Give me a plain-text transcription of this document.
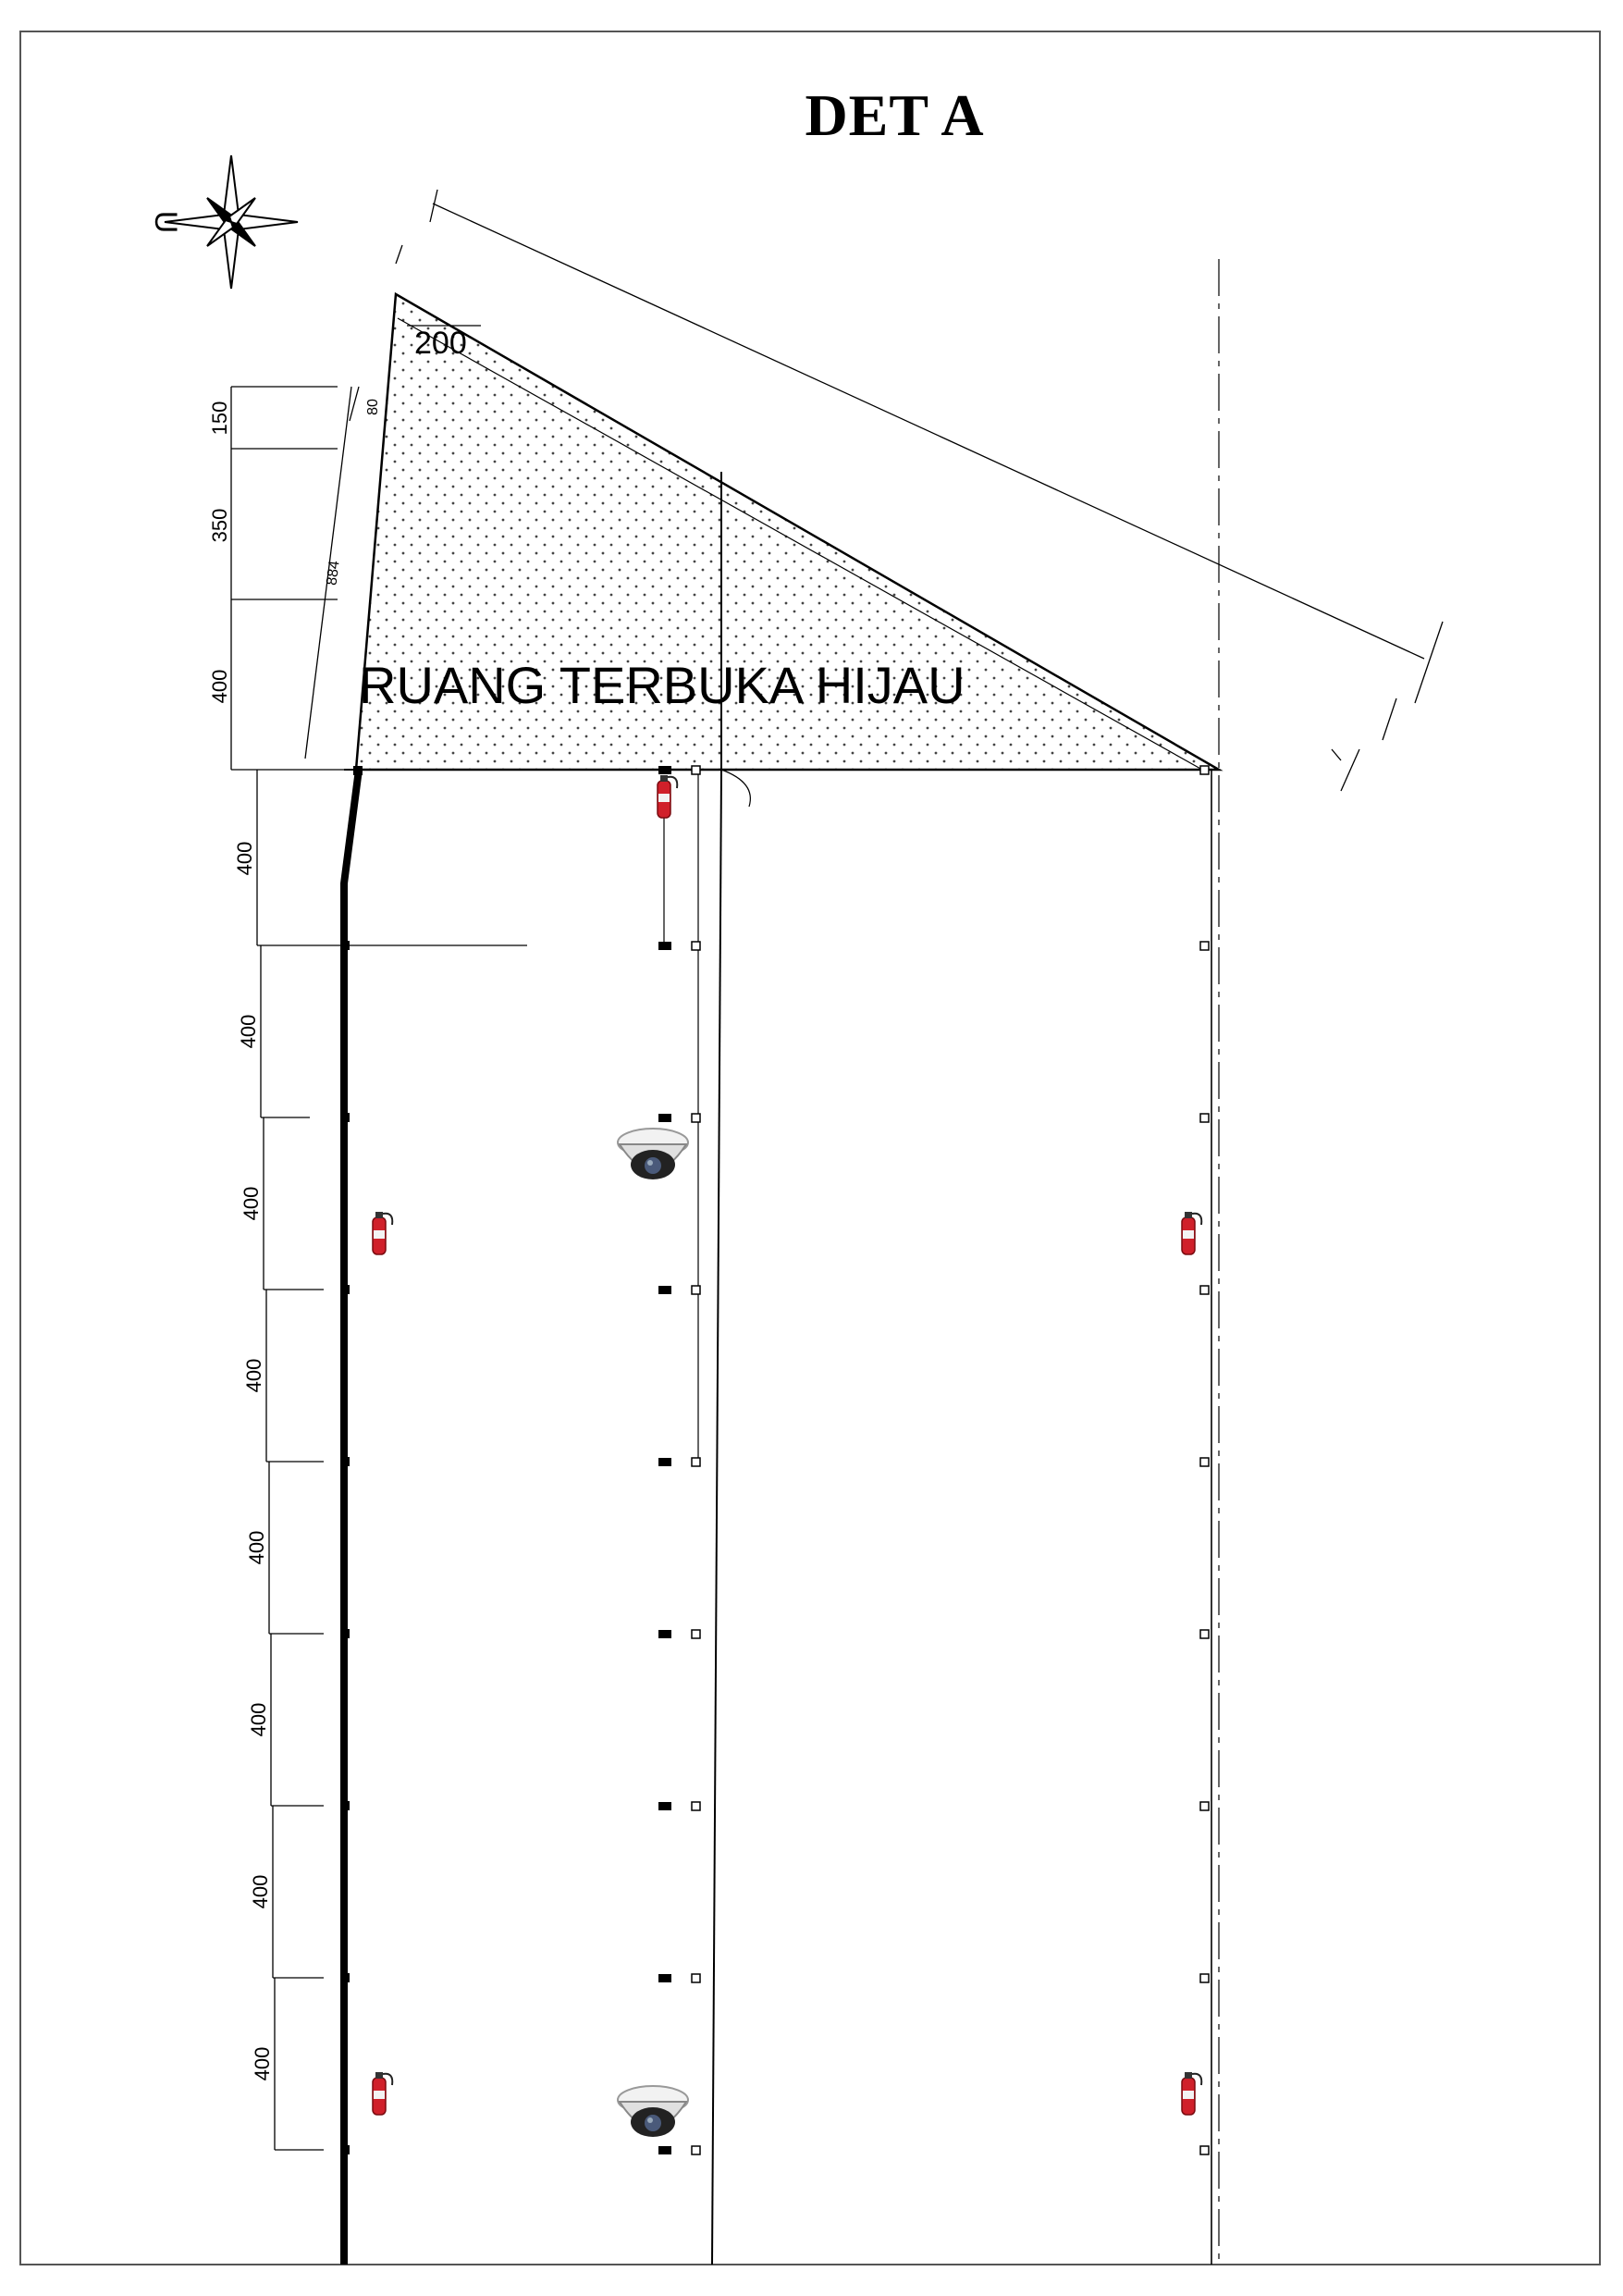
150
350
400
884
80
200
RUANG TERBUKA HIJAU
U
400
400
400
400
400
400
400
400
DET A
